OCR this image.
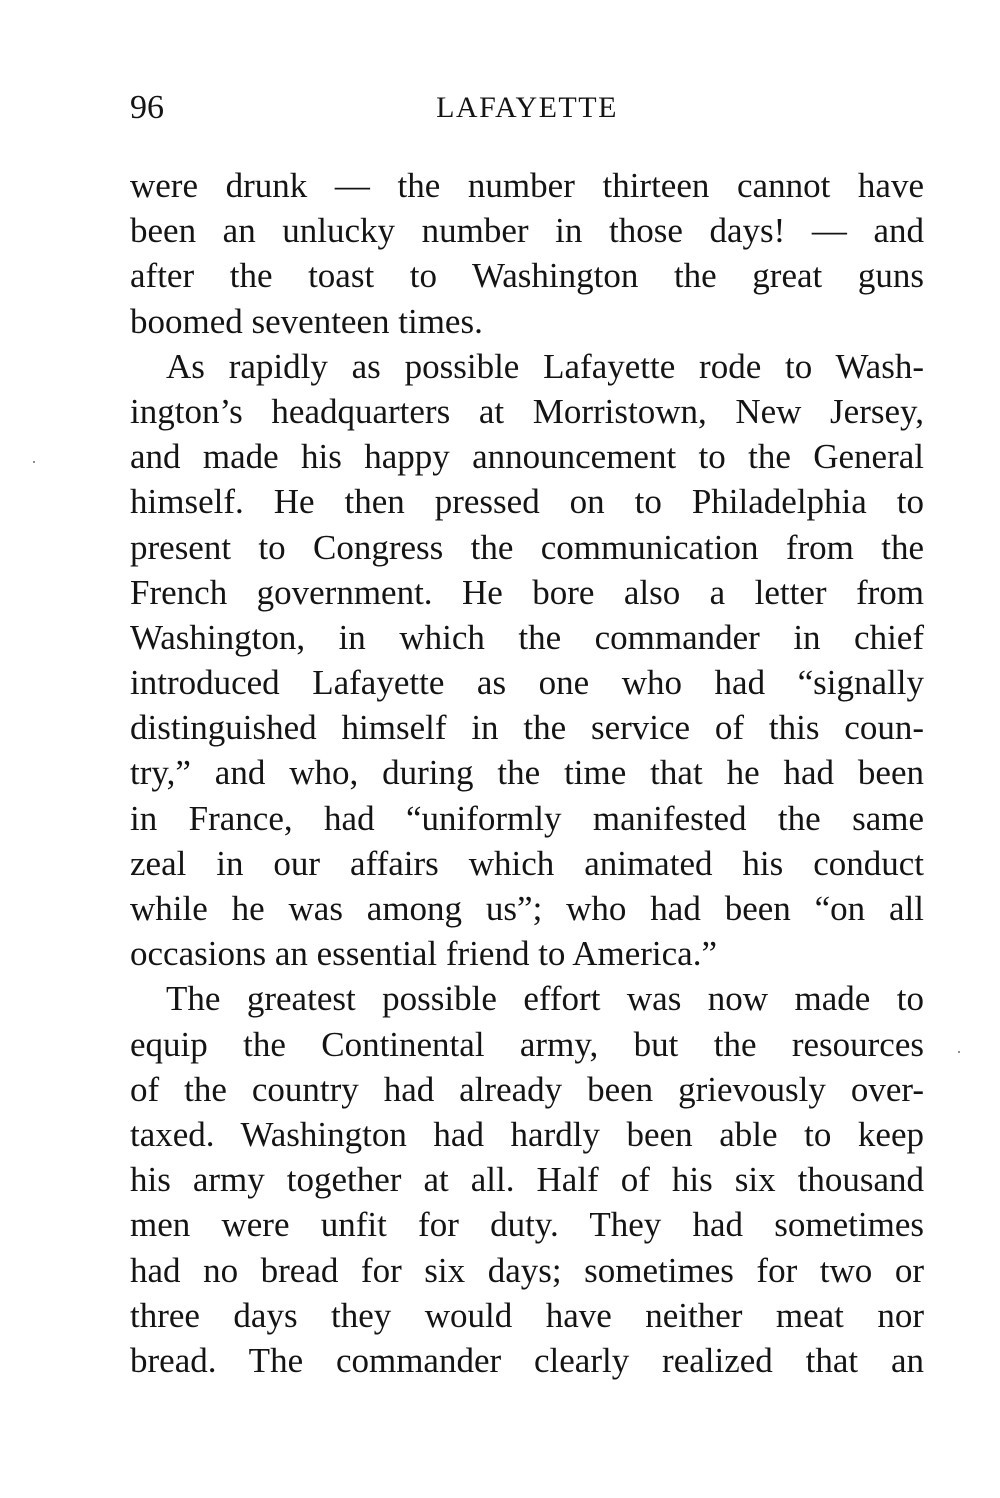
96	LAFAYETTE
were drunk — the number thirteen cannot have
been an unlucky number in those days! — and
after the toast to Washington the great guns
boomed seventeen times.
As rapidly as possible Lafayette rode to Wash-
ington’s headquarters at Morristown, New Jersey,
and made his happy announcement to the General
himself. He then pressed on to Philadelphia to
present to Congress the communication from the
French government. He bore also a letter from
Washington, in which the commander in chief
introduced Lafayette as one who had “signally
distinguished himself in the service of this coun-
try,” and who, during the time that he had been
in France, had “uniformly manifested the same
zeal in our affairs which animated his conduct
while he was among us”; who had been “on all
occasions an essential friend to America.”
The greatest possible effort was now made to
equip the Continental army, but the resources
of the country had already been grievously over-
taxed. Washington had hardly been able to keep
his army together at all. Half of his six thousand
men were unfit for duty. They had sometimes
had no bread for six days; sometimes for two or
three days they would have neither meat nor
bread. The commander clearly realized that an
